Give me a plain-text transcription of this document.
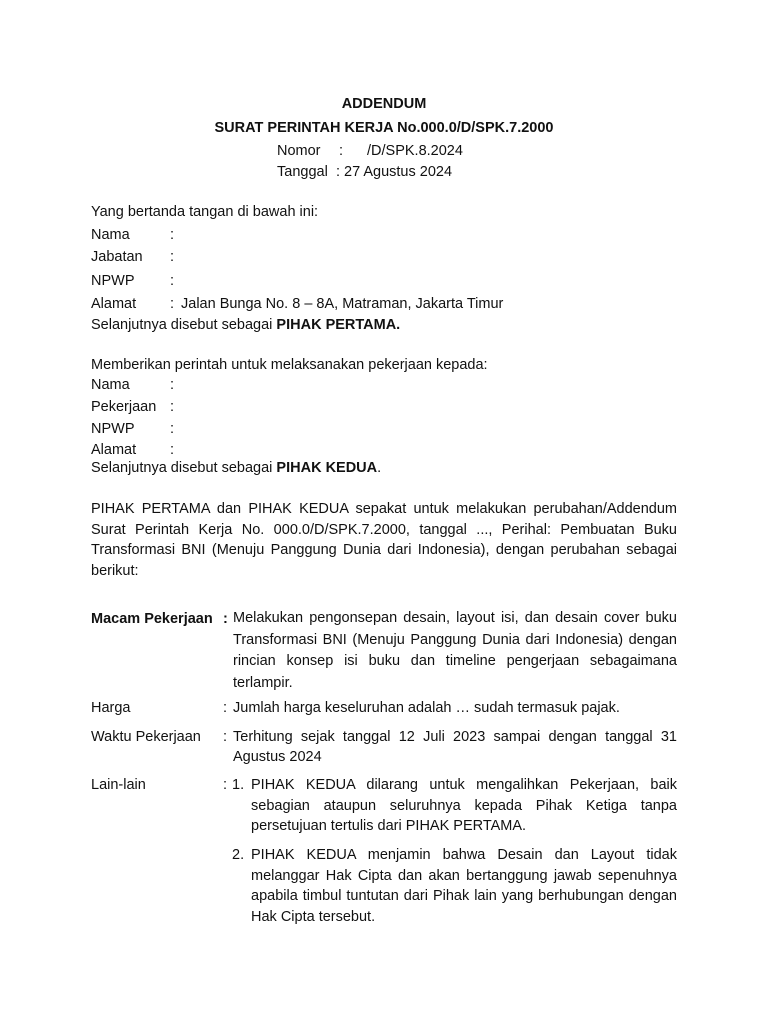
ADDENDUM
SURAT PERINTAH KERJA No.000.0/D/SPK.7.2000
Nomor : /D/SPK.8.2024
Tanggal : 27 Agustus 2024
Yang bertanda tangan di bawah ini:
Nama	:
Jabatan :
NPWP :
Alamat : Jalan Bunga No. 8 – 8A, Matraman, Jakarta Timur
Selanjutnya disebut sebagai PIHAK PERTAMA.
Memberikan perintah untuk melaksanakan pekerjaan kepada:
Nama	:
Pekerjaan :
NPWP :
Alamat :
Selanjutnya disebut sebagai PIHAK KEDUA.
PIHAK PERTAMA dan PIHAK KEDUA sepakat untuk melakukan perubahan/Addendum Surat Perintah Kerja No. 000.0/D/SPK.7.2000, tanggal ..., Perihal: Pembuatan Buku Transformasi BNI (Menuju Panggung Dunia dari Indonesia), dengan perubahan sebagai berikut:
Macam Pekerjaan : Melakukan pengonsepan desain, layout isi, dan desain cover buku Transformasi BNI (Menuju Panggung Dunia dari Indonesia) dengan rincian konsep isi buku dan timeline pengerjaan sebagaimana terlampir.
Harga	: Jumlah harga keseluruhan adalah … sudah termasuk pajak.
Waktu Pekerjaan : Terhitung sejak tanggal 12 Juli 2023 sampai dengan tanggal 31 Agustus 2024
Lain-lain	: 1. PIHAK KEDUA dilarang untuk mengalihkan Pekerjaan, baik sebagian ataupun seluruhnya kepada Pihak Ketiga tanpa persetujuan tertulis dari PIHAK PERTAMA.
2. PIHAK KEDUA menjamin bahwa Desain dan Layout tidak melanggar Hak Cipta dan akan bertanggung jawab sepenuhnya apabila timbul tuntutan dari Pihak lain yang berhubungan dengan Hak Cipta tersebut.
